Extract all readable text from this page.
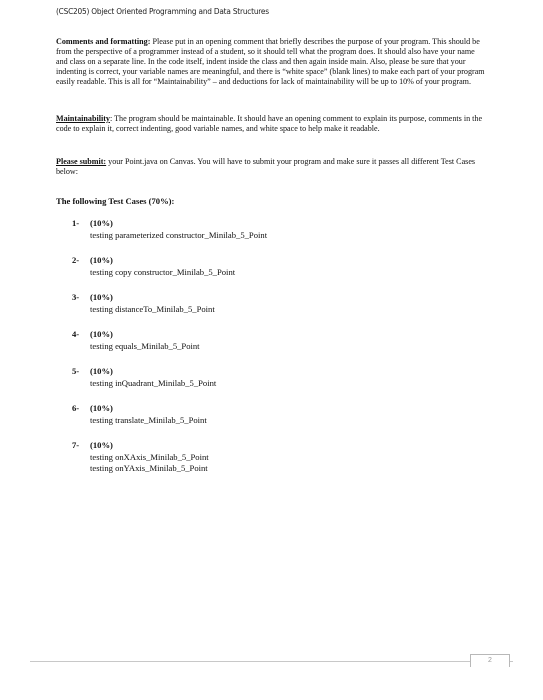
(CSC205) Object Oriented Programming and Data Structures
Comments and formatting: Please put in an opening comment that briefly describes the purpose of your program. This should be from the perspective of a programmer instead of a student, so it should tell what the program does. It should also have your name and class on a separate line. In the code itself, indent inside the class and then again inside main. Also, please be sure that your indenting is correct, your variable names are meaningful, and there is “white space” (blank lines) to make each part of your program easily readable. This is all for “Maintainability” – and deductions for lack of maintainability will be up to 10% of your program.
Maintainability: The program should be maintainable. It should have an opening comment to explain its purpose, comments in the code to explain it, correct indenting, good variable names, and white space to help make it readable.
Please submit: your Point.java on Canvas. You will have to submit your program and make sure it passes all different Test Cases below:
The following Test Cases (70%):
1- (10%)
testing parameterized constructor_Minilab_5_Point
2- (10%)
testing copy constructor_Minilab_5_Point
3- (10%)
testing distanceTo_Minilab_5_Point
4- (10%)
testing equals_Minilab_5_Point
5- (10%)
testing inQuadrant_Minilab_5_Point
6- (10%)
testing translate_Minilab_5_Point
7- (10%)
testing onXAxis_Minilab_5_Point
testing onYAxis_Minilab_5_Point
2
